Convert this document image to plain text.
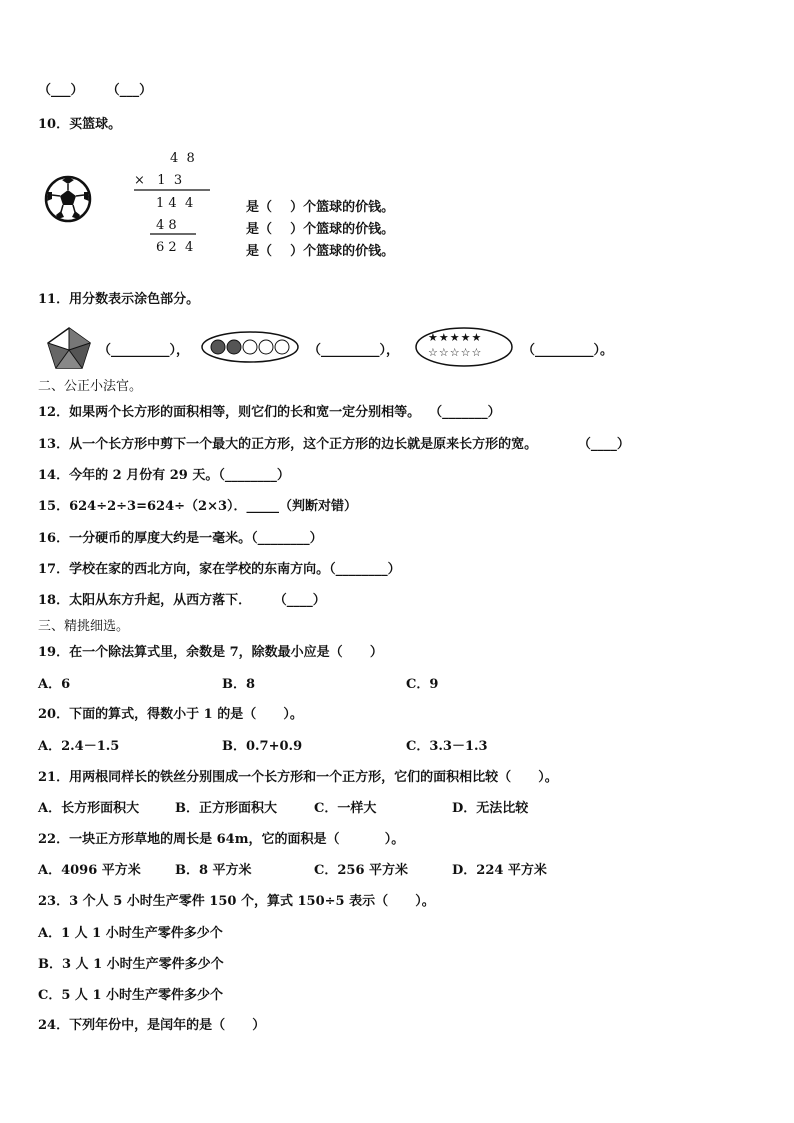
（___） （___）
10．买篮球。
4  8
×   1  3
1 4  4
4 8
6 2  4
是（    ）个篮球的价钱。
是（    ）个篮球的价钱。
是（    ）个篮球的价钱。
11．用分数表示涂色部分。
（_________），	（_________），
★★★★★
☆☆☆☆☆	（_________）。
二、公正小法官。
12．如果两个长方形的面积相等，则它们的长和宽一定分别相等。  （_______）
13．从一个长方形中剪下一个最大的正方形，这个正方形的边长就是原来长方形的宽。         （____）
14．今年的 2 月份有 29 天。（________）
15．624÷2÷3=624÷（2×3）．_____（判断对错）
16．一分硬币的厚度大约是一毫米。（________）
17．学校在家的西北方向，家在学校的东南方向。（________）
18．太阳从东方升起，从西方落下．     （____）
三、精挑细选。
19．在一个除法算式里，余数是 7，除数最小应是（      ）
A．6	B．8	C．9
20．下面的算式，得数小于 1 的是（      ）。
A．2.4－1.5	B．0.7+0.9	C．3.3－1.3
21．用两根同样长的铁丝分别围成一个长方形和一个正方形，它们的面积相比较（      ）。
A．长方形面积大	B．正方形面积大	C．一样大	D．无法比较
22．一块正方形草地的周长是 64m，它的面积是（          ）。
A．4096 平方米	B．8 平方米	C．256 平方米	D．224 平方米
23．3 个人 5 小时生产零件 150 个，算式 150÷5 表示（      ）。
A．1 人 1 小时生产零件多少个
B．3 人 1 小时生产零件多少个
C．5 人 1 小时生产零件多少个
24．下列年份中，是闰年的是（      ）
